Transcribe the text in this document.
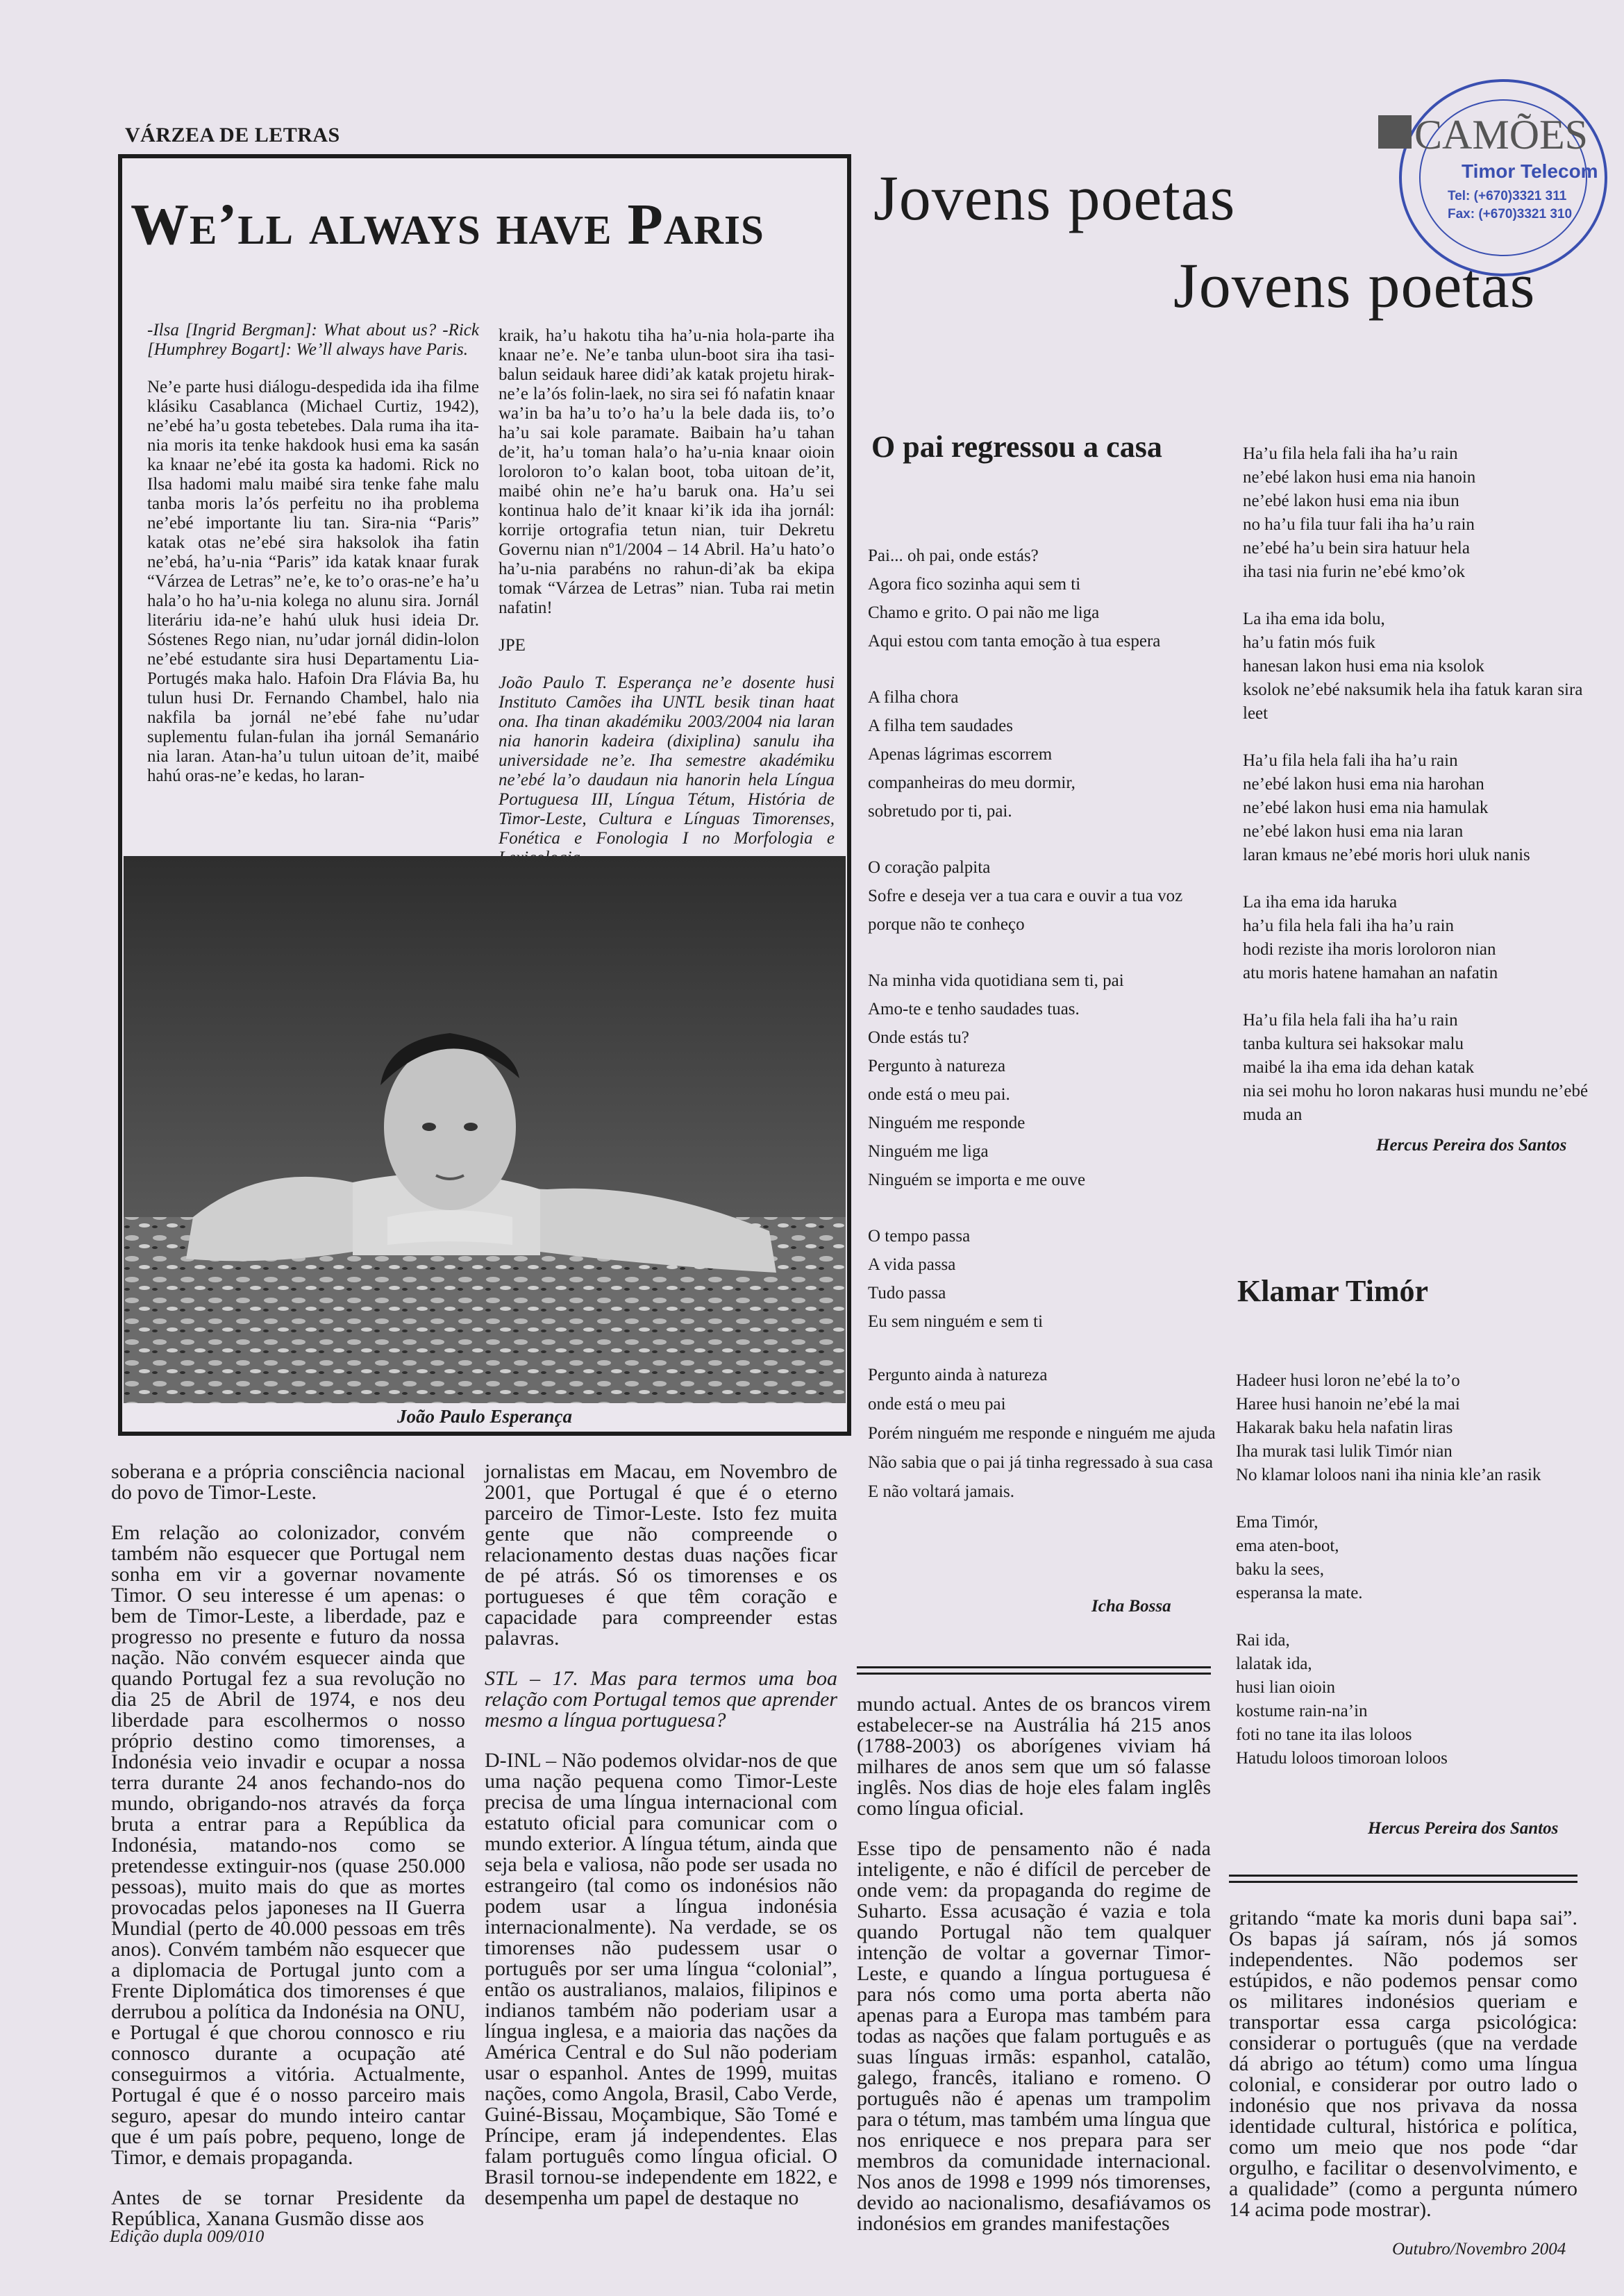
VÁRZEA DE LETRAS
We’ll always have Paris

-Ilsa [Ingrid Bergman]: What about us? -Rick [Humphrey Bogart]: We’ll always have Paris.

Ne’e parte husi diálogu-despedida ida iha filme klásiku Casablanca (Michael Curtiz, 1942), ne’ebé ha’u gosta tebetebes. Dala ruma iha ita-nia moris ita tenke hakdook husi ema ka sasán ka knaar ne’ebé ita gosta ka hadomi. Rick no Ilsa hadomi malu maibé sira tenke fahe malu tanba moris la’ós perfeitu no iha problema ne’ebé importante liu tan. Sira-nia “Paris” katak otas ne’ebé sira haksolok iha fatin ne’ebá, ha’u-nia “Paris” ida katak knaar furak “Várzea de Letras” ne’e, ke to’o oras-ne’e ha’u hala’o ho ha’u-nia kolega no alunu sira. Jornál literáriu ida-ne’e hahú uluk husi ideia Dr. Sóstenes Rego nian, nu’udar jornál didin-lolon ne’ebé estudante sira husi Departamentu Lia-Portugés maka halo. Hafoin Dra Flávia Ba, hu tulun husi Dr. Fernando Chambel, halo nia nakfila ba jornál ne’ebé fahe nu’udar suplementu fulan-fulan iha jornál Semanário nia laran. Atan-ha’u tulun uitoan de’it, maibé hahú oras-ne’e kedas, ho laran-

kraik, ha’u hakotu tiha ha’u-nia hola-parte iha knaar ne’e. Ne’e tanba ulun-boot sira iha tasi-balun seidauk haree didi’ak katak projetu hirak-ne’e la’ós folin-laek, no sira sei fó nafatin knaar wa’in ba ha’u to’o ha’u la bele dada iis, to’o ha’u sai kole paramate. Baibain ha’u tahan de’it, ha’u toman hala’o ha’u-nia knaar oioin loroloron to’o kalan boot, toba uitoan de’it, maibé ohin ne’e ha’u baruk ona. Ha’u sei kontinua halo de’it knaar ki’ik ida iha jornál: korrije ortografia tetun nian, tuir Dekretu Governu nian nº1/2004 – 14 Abril. Ha’u hato’o ha’u-nia parabéns no rahun-di’ak ba ekipa tomak “Várzea de Letras” nian. Tuba rai metin nafatin!

JPE

João Paulo T. Esperança ne’e dosente husi Instituto Camões iha UNTL besik tinan haat ona. Iha tinan akadémiku 2003/2004 nia laran nia hanorin kadeira (dixiplina) sanulu iha universidade ne’e. Iha semestre akadémiku ne’ebé la’o daudaun nia hanorin hela Língua Portuguesa III, Língua Tétum, História de Timor-Leste, Cultura e Línguas Timorenses, Fonética e Fonologia I no Morfologia e

João Paulo Esperança
Jovens poetas
Jovens poetas
CAMÕES
Timor Telecom
Tel: (+670)3321 311
Fax: (+670)3321 310
O pai regressou a casa
Pai... oh pai, onde estás?
Agora fico sozinha aqui sem ti
Chamo e grito. O pai não me liga
Aqui estou com tanta emoção à tua espera
A filha chora
A filha tem saudades
Apenas lágrimas escorrem
companheiras do meu dormir,
sobretudo por ti, pai.
O coração palpita
Sofre e deseja ver a tua cara e ouvir a tua voz
porque não te conheço
Na minha vida quotidiana sem ti, pai
Amo-te e tenho saudades tuas.
Onde estás tu?
Pergunto à natureza
onde está o meu pai.
Ninguém me responde
Ninguém me liga
Ninguém se importa e me ouve
O tempo passa
A vida passa
Tudo passa
Eu sem ninguém e sem ti
Pergunto ainda à natureza
onde está o meu pai
Porém ninguém me responde e ninguém me ajuda
Não sabia que o pai já tinha regressado à sua casa
E não voltará jamais.
Icha Bossa
Ha’u fila hela fali iha ha’u rain
ne’ebé lakon husi ema nia hanoin
ne’ebé lakon husi ema nia ibun
no ha’u fila tuur fali iha ha’u rain
ne’ebé ha’u bein sira hatuur hela
iha tasi nia furin ne’ebé kmo’ok
La iha ema ida bolu,
ha’u fatin mós fuik
hanesan lakon husi ema nia ksolok
ksolok ne’ebé naksumik hela iha fatuk karan sira leet
Ha’u fila hela fali iha ha’u rain
ne’ebé lakon husi ema nia harohan
ne’ebé lakon husi ema nia hamulak
ne’ebé lakon husi ema nia laran
laran kmaus ne’ebé moris hori uluk nanis
La iha ema ida haruka
ha’u fila hela fali iha ha’u rain
hodi reziste iha moris loroloron nian
atu moris hatene hamahan an nafatin
Ha’u fila hela fali iha ha’u rain
tanba kultura sei haksokar malu
maibé la iha ema ida dehan katak
nia sei mohu ho loron nakaras husi mundu ne’ebé muda an
Hercus Pereira dos Santos
Klamar Timór
Hadeer husi loron ne’ebé la to’o
Haree husi hanoin ne’ebé la mai
Hakarak baku hela nafatin liras
Iha murak tasi lulik Timór nian
No klamar loloos nani iha ninia kle’an rasik
Ema Timór,
ema aten-boot,
baku la sees,
esperansa la mate.
Rai ida,
lalatak ida,
husi lian oioin
kostume rain-na’in
foti no tane ita ilas loloos
Hatudu loloos timoroan loloos
Hercus Pereira dos Santos

soberana e a própria consciência nacional do povo de Timor-Leste.

Em relação ao colonizador, convém também não esquecer que Portugal nem sonha em vir a governar novamente Timor. O seu interesse é um apenas: o bem de Timor-Leste, a liberdade, paz e progresso no presente e futuro da nossa nação. Não convém esquecer ainda que quando Portugal fez a sua revolução no dia 25 de Abril de 1974, e nos deu liberdade para escolhermos o nosso próprio destino como timorenses, a Indonésia veio invadir e ocupar a nossa terra durante 24 anos fechando-nos do mundo, obrigando-nos através da força bruta a entrar para a República da Indonésia, matando-nos como se pretendesse extinguir-nos (quase 250.000 pessoas), muito mais do que as mortes provocadas pelos japoneses na II Guerra Mundial (perto de 40.000 pessoas em três anos). Convém também não esquecer que a diplomacia de Portugal junto com a Frente Diplomática dos timorenses é que derrubou a política da Indonésia na ONU, e Portugal é que chorou connosco e riu connosco durante a ocupação até conseguirmos a vitória. Actualmente, Portugal é que é o nosso parceiro mais seguro, apesar do mundo inteiro cantar que é um país pobre, pequeno, longe de Timor, e demais propaganda.

Antes de se tornar Presidente da República, Xanana Gusmão disse aos

jornalistas em Macau, em Novembro de 2001, que Portugal é que é o eterno parceiro de Timor-Leste. Isto fez muita gente que não compreende o relacionamento destas duas nações ficar de pé atrás. Só os timorenses e os portugueses é que têm coração e capacidade para compreender estas palavras.

STL – 17. Mas para termos uma boa relação com Portugal temos que aprender mesmo a língua portuguesa?

D-INL – Não podemos olvidar-nos de que uma nação pequena como Timor-Leste precisa de uma língua internacional com estatuto oficial para comunicar com o mundo exterior. A língua tétum, ainda que seja bela e valiosa, não pode ser usada no estrangeiro (tal como os indonésios não podem usar a língua indonésia internacionalmente). Na verdade, se os timorenses não pudessem usar o português por ser uma língua “colonial”, então os australianos, malaios, filipinos e indianos também não poderiam usar a língua inglesa, e a maioria das nações da América Central e do Sul não poderiam usar o espanhol. Antes de 1999, muitas nações, como Angola, Brasil, Cabo Verde, Guiné-Bissau, Moçambique, São Tomé e Príncipe, eram já independentes. Elas falam português como língua oficial. O Brasil tornou-se independente em 1822, e desempenha um papel de destaque no

mundo actual. Antes de os brancos virem estabelecer-se na Austrália há 215 anos (1788-2003) os aborígenes viviam há milhares de anos sem que um só falasse inglês. Nos dias de hoje eles falam inglês como língua oficial.

Esse tipo de pensamento não é nada inteligente, e não é difícil de perceber de onde vem: da propaganda do regime de Suharto. Essa acusação é vazia e tola quando Portugal não tem qualquer intenção de voltar a governar Timor-Leste, e quando a língua portuguesa é para nós como uma porta aberta não apenas para a Europa mas também para todas as nações que falam português e as suas línguas irmãs: espanhol, catalão, galego, francês, italiano e romeno. O português não é apenas um trampolim para o tétum, mas também uma língua que nos enriquece e nos prepara para ser membros da comunidade internacional. Nos anos de 1998 e 1999 nós timorenses, devido ao nacionalismo, desafiávamos os indonésios em grandes manifestações

gritando “mate ka moris duni bapa sai”. Os bapas já saíram, nós já somos independentes. Não podemos ser estúpidos, e não podemos pensar como os militares indonésios queriam e transportar essa carga psicológica: considerar o português (que na verdade dá abrigo ao tétum) como uma língua colonial, e considerar por outro lado o indonésio que nos privava da nossa identidade cultural, histórica e política, como um meio que nos pode “dar orgulho, e facilitar o desenvolvimento, e a qualidade” (como a pergunta número 14 acima pode mostrar).

Edição dupla 009/010
Outubro/Novembro 2004
